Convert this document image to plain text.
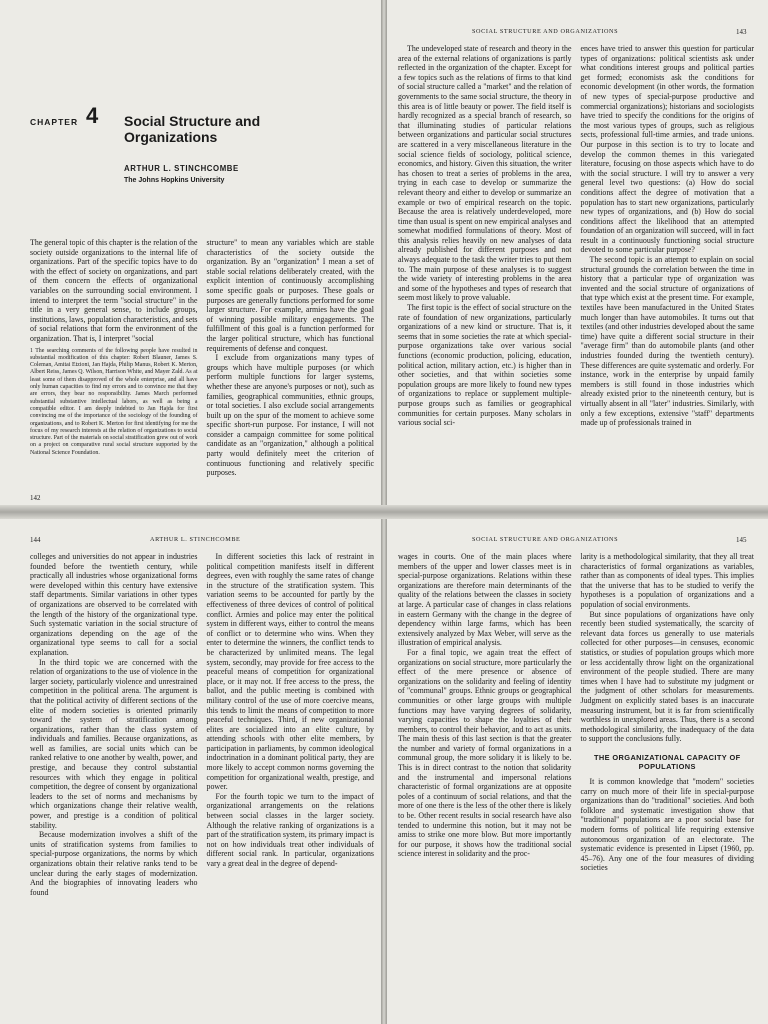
CHAPTER 4 Social Structure and Organizations
ARTHUR L. STINCHCOMBE
The Johns Hopkins University

The general topic of this chapter is the relation of the society outside organizations to the internal life of organizations. Part of the specific topics have to do with the effect of society on organizations, and part of them concern the effects of organizational variables on the surrounding social environment. I intend to interpret the term "social structure" in the title in a very general sense, to include groups, institutions, laws, population characteristics, and sets of social relations that form the environment of the organization. That is, I interpret "social

1 The searching comments of the following people have resulted in substantial modification of this chapter: Robert Blauner, James S. Coleman, Amitai Etzioni, Jan Hajda, Philip Manus, Robert K. Merton, Albert Reiss, James Q. Wilson, Harrison White, and Mayer Zald. As at least some of them disapproved of the whole enterprise, and all have only human capacities to find my errors and to convince me that they are errors, they bear no responsibility. James March performed substantial substantive intellectual labors, as well as being a compatible editor. I am deeply indebted to Jan Hajda for first convincing me of the importance of the sociology of the founding of organizations, and to Robert K. Merton for first identifying for me the focus of my research interests at the relation of organizations to social structure. Part of the materials on social stratification grew out of work on a project on comparative rural social structure supported by the National Science Foundation.

structure" to mean any variables which are stable characteristics of the society outside the organization. By an "organization" I mean a set of stable social relations deliberately created, with the explicit intention of continuously accomplishing some specific goals or purposes. These goals or purposes are generally functions performed for some larger structure. For example, armies have the goal of winning possible military engagements. The fulfillment of this goal is a function performed for the larger political structure, which has functional requirements of defense and conquest.

I exclude from organizations many types of groups which have multiple purposes (or which perform multiple functions for larger systems, whether these are anyone's purposes or not), such as families, geographical communities, ethnic groups, or total societies. I also exclude social arrangements built up on the spur of the moment to achieve some specific short-run purpose. For instance, I will not consider a campaign committee for some political candidate as an "organization," although a political party would definitely meet the criterion of continuous functioning and relatively specific purposes.

142
SOCIAL STRUCTURE AND ORGANIZATIONS	143

The undeveloped state of research and theory in the area of the external relations of organizations is partly reflected in the organization of the chapter. Except for a few topics such as the relations of firms to that kind of social structure called a "market" and the relation of governments to the same social structure, the theory in this area is of little beauty or power. The field itself is hardly recognized as a special branch of research, so that illuminating studies of particular relations between organizations and particular social structures are scattered in a very miscellaneous literature in the social science fields of sociology, political science, economics, and history. Given this situation, the writer has chosen to treat a series of problems in the area, trying in each case to develop or summarize the relevant theory and either to develop or summarize an example or two of empirical research on the topic. Because the area is relatively underdeveloped, more time than usual is spent on new empirical analyses and somewhat modified formulations of theory. Most of this analysis relies heavily on new analyses of data already published for different purposes and not always adequate to the task the writer tries to put them to. The main purpose of these analyses is to suggest the wide variety of interesting problems in the area and some of the hypotheses and types of research that seem most likely to prove valuable.

The first topic is the effect of social structure on the rate of foundation of new organizations, particularly organizations of a new kind or structure. That is, it seems that in some societies the rate at which special-purpose organizations take over various social functions (economic production, policing, education, political action, military action, etc.) is higher than in other societies, and that within societies some population groups are more likely to found new types of organizations to replace or supplement multiple-purpose groups such as families or geographical communities for certain purposes. Many scholars in various social sci-

ences have tried to answer this question for particular types of organizations: political scientists ask under what conditions interest groups and political parties get formed; economists ask the conditions for economic development (in other words, the formation of new types of special-purpose productive and commercial organizations); historians and sociologists have tried to specify the conditions for the origins of the most various types of groups, such as religious sects, professional full-time armies, and trade unions. Our purpose in this section is to try to locate and develop the common themes in this variegated literature, focusing on those aspects which have to do with the social structure. I will try to answer a very general level two questions: (a) How do social conditions affect the degree of motivation that a population has to start new organizations, particularly new types of organizations, and (b) How do social conditions affect the likelihood that an attempted foundation of an organization will succeed, will in fact result in a continuously functioning social structure devoted to some particular purpose?

The second topic is an attempt to explain on social structural grounds the correlation between the time in history that a particular type of organization was invented and the social structure of organizations of that type which exist at the present time. For example, textiles have been manufactured in the United States much longer than have automobiles. It turns out that textiles (and other industries developed about the same time) have quite a different social structure in their "average firm" than do automobile plants (and other industries founded during the twentieth century). These differences are quite systematic and orderly. For instance, work in the enterprise by unpaid family members is still found in those industries which already existed prior to the nineteenth century, but is virtually absent in all "later" industries. Similarly, with only a few exceptions, extensive "staff" departments made up of professionals trained in

144	ARTHUR L. STINCHCOMBE

colleges and universities do not appear in industries founded before the twentieth century, while practically all industries whose organizational forms were developed within this century have extensive staff departments. Similar variations in other types of organizations are observed to be correlated with the length of the history of the organizational type. Such systematic variation in the social structure of organizations depending on the age of the organizational type seems to call for a social explanation.

In the third topic we are concerned with the relation of organizations to the use of violence in the larger society, particularly violence and unrestrained competition in the political arena. The argument is that the political activity of different sections of the elite of modern societies is oriented primarily toward the system of stratification among organizations, rather than the class system of individuals and families. Because organizations, as well as families, are social units which can be ranked relative to one another by wealth, power, and prestige, and because they control substantial resources with which they engage in political competition, the degree of consent by organizational leaders to the set of norms and mechanisms by which organizations change their relative wealth, power, and prestige is a condition of political stability.

Because modernization involves a shift of the units of stratification systems from families to special-purpose organizations, the norms by which organizations obtain their relative ranks tend to be unclear during the early stages of modernization. And the biographies of innovating leaders who found

In different societies this lack of restraint in political competition manifests itself in different degrees, even with roughly the same rates of change in the structure of the stratification system. This variation seems to be accounted for partly by the effectiveness of three devices of control of political conflict. Armies and police may enter the political system in different ways, either to control the means of conflict or to determine who wins. When they enter to determine the winners, the conflict tends to be characterized by unlimited means. The legal system, secondly, may provide for free access to the peaceful means of competition for organizational place, or it may not. If free access to the press, the ballot, and the public meeting is combined with military control of the use of more coercive means, this tends to limit the means of competition to more peaceful techniques. Third, if new organizational elites are socialized into an elite culture, by attending schools with other elite members, by participation in parliaments, by common ideological indoctrination in a dominant political party, they are more likely to accept common norms governing the competition for organizational wealth, prestige, and power.

For the fourth topic we turn to the impact of organizational arrangements on the relations between social classes in the larger society. Although the relative ranking of organizations is a part of the stratification system, its primary impact is not on how individuals treat other individuals of different social rank. In particular, organizations vary a great deal in the degree of depend-

SOCIAL STRUCTURE AND ORGANIZATIONS	145

wages in courts. One of the main places where members of the upper and lower classes meet is in special-purpose organizations. Relations within these organizations are therefore main determinants of the quality of the relations between the classes in society at large. A particular case of changes in class relations in eastern Germany with the change in the degree of dependency within large farms, which has been extensively analyzed by Max Weber, will serve as the illustration of empirical analysis.

For a final topic, we again treat the effect of organizations on social structure, more particularly the effect of the mere presence or absence of organizations on the solidarity and feeling of identity of "communal" groups. Ethnic groups or geographical communities or other large groups with multiple functions may have varying degrees of solidarity, varying capacities to shape the loyalties of their members, to control their behavior, and to act as units. The main thesis of this last section is that the greater the number and variety of formal organizations in a communal group, the more solidary it is likely to be. This is in direct contrast to the notion that solidarity and the instrumental and impersonal relations characteristic of formal organizations are at opposite poles of a continuum of social relations, and that the more of one there is the less of the other there is likely to be. Other recent results in social research have also tended to undermine this notion, but it may not be amiss to strike one more blow. But more importantly for our purpose, it shows how the traditional social science interest in solidarity and the proc-

larity is a methodological similarity, that they all treat characteristics of formal organizations as variables, rather than as components of ideal types. This implies that the universe that has to be studied to verify the hypotheses is a population of organizations and a population of social environments.

But since populations of organizations have only recently been studied systematically, the scarcity of relevant data forces us generally to use materials collected for other purposes—in censuses, economic statistics, or studies of population groups which more or less accidentally throw light on the organizational environment of the people studied. There are many times when I have had to substitute my judgment or the judgment of other scholars for measurements. Judgment on explicitly stated bases is an inaccurate measuring instrument, but it is far from scientifically worthless in unexplored areas. Thus, there is a second methodological similarity, the inadequacy of the data to support the conclusions fully.

THE ORGANIZATIONAL CAPACITY OF POPULATIONS

It is common knowledge that "modern" societies carry on much more of their life in special-purpose organizations than do "traditional" societies. And both folklore and systematic investigation show that "traditional" populations are a poor social base for modern forms of political life requiring extensive autonomous organization of an electorate. The systematic evidence is presented in Lipset (1960, pp. 45–76). Any one of the four measures of dividing societies
